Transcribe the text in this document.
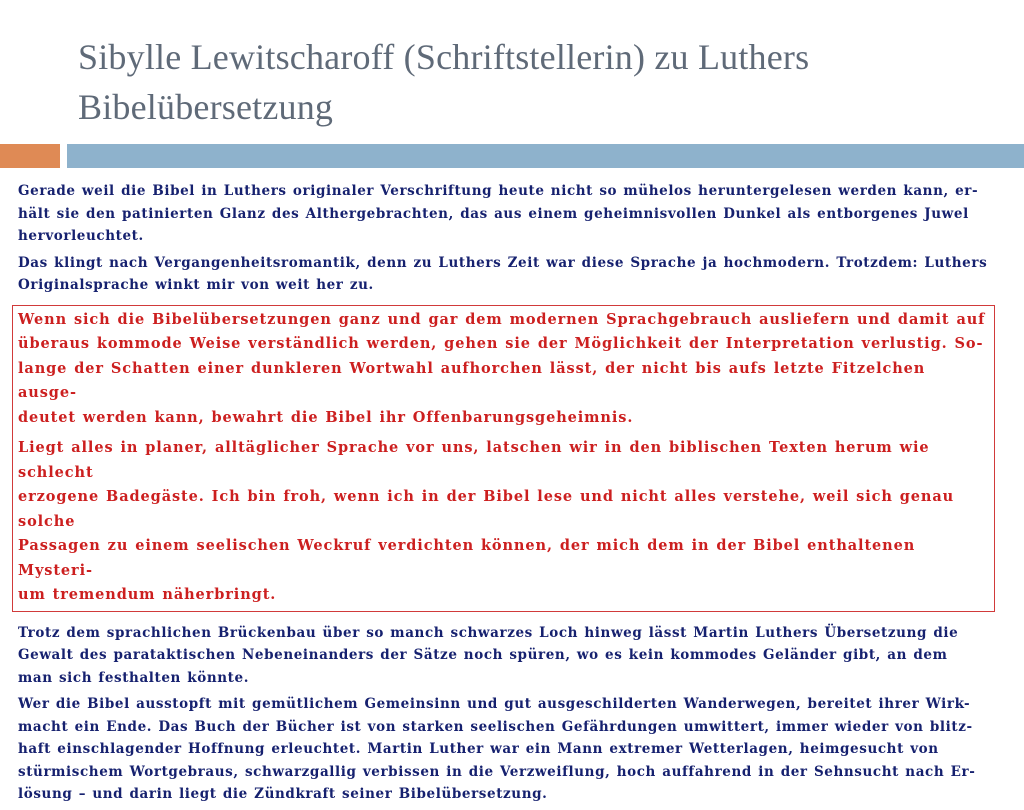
Sibylle Lewitscharoff (Schriftstellerin) zu Luthers
Bibelübersetzung
Gerade weil die Bibel in Luthers originaler Verschriftung heute nicht so mühelos heruntergelesen werden kann, er-
hält sie den patinierten Glanz des Althergebrachten, das aus einem geheimnisvollen Dunkel als entborgenes Juwel
hervorleuchtet.
Das klingt nach Vergangenheitsromantik, denn zu Luthers Zeit war diese Sprache ja hochmodern. Trotzdem: Luthers
Originalsprache winkt mir von weit her zu.
Wenn sich die Bibelübersetzungen ganz und gar dem modernen Sprachgebrauch ausliefern und damit auf
überaus kommode Weise verständlich werden, gehen sie der Möglichkeit der Interpretation verlustig. So-
lange der Schatten einer dunkleren Wortwahl aufhorchen lässt, der nicht bis aufs letzte Fitzelchen ausge-
deutet werden kann, bewahrt die Bibel ihr Offenbarungsgeheimnis.
Liegt alles in planer, alltäglicher Sprache vor uns, latschen wir in den biblischen Texten herum wie schlecht
erzogene Badegäste. Ich bin froh, wenn ich in der Bibel lese und nicht alles verstehe, weil sich genau solche
Passagen zu einem seelischen Weckruf verdichten können, der mich dem in der Bibel enthaltenen Mysteri-
um tremendum näherbringt.
Trotz dem sprachlichen Brückenbau über so manch schwarzes Loch hinweg lässt Martin Luthers Übersetzung die
Gewalt des parataktischen Nebeneinanders der Sätze noch spüren, wo es kein kommodes Geländer gibt, an dem
man sich festhalten könnte.
Wer die Bibel ausstopft mit gemütlichem Gemeinsinn und gut ausgeschilderten Wanderwegen, bereitet ihrer Wirk-
macht ein Ende. Das Buch der Bücher ist von starken seelischen Gefährdungen umwittert, immer wieder von blitz-
haft einschlagender Hoffnung erleuchtet. Martin Luther war ein Mann extremer Wetterlagen, heimgesucht von
stürmischem Wortgebraus, schwarzgallig verbissen in die Verzweiflung, hoch auffahrend in der Sehnsucht nach Er-
lösung – und darin liegt die Zündkraft seiner Bibelübersetzung.
